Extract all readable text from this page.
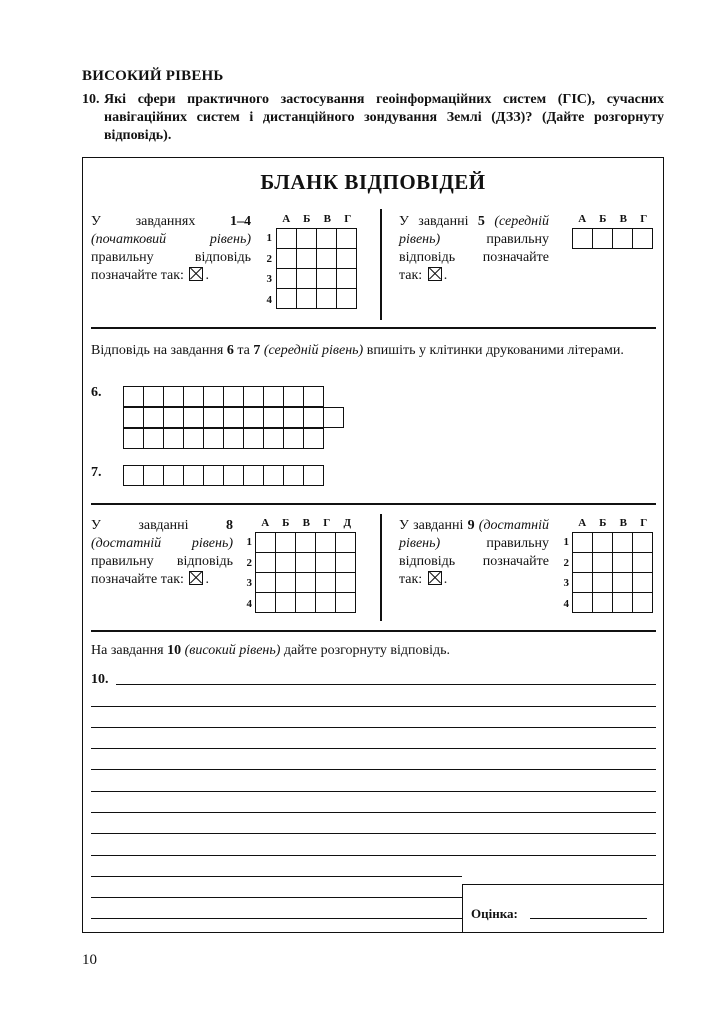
ВИСОКИЙ РІВЕНЬ
10. Які сфери практичного застосування геоінформаційних систем (ГІС), сучасних навігаційних систем і дистанційного зондування Землі (ДЗЗ)? (Дайте розгорнуту відповідь).
БЛАНК ВІДПОВІДЕЙ
У завданнях 1–4 (початковий рівень) правильну відповідь позначайте так: .
А	Б	В	Г
1
2
3
4

У завданні 5 (середній рівень) правильну відповідь позначайте так: .
А	Б	В	Г

Відповідь на завдання 6 та 7 (середній рівень) впишіть у клітинки друкованими літерами.
6.

7.

У завданні 8 (достатній рівень) правильну відповідь позначайте так: .
А	Б	В	Г	Д
1
2
3
4

У завданні 9 (достатній рівень) правильну відповідь позначайте так: .
А	Б	В	Г
1
2
3
4

На завдання 10 (високий рівень) дайте розгорнуту відповідь.
10.
Оцінка:
10
